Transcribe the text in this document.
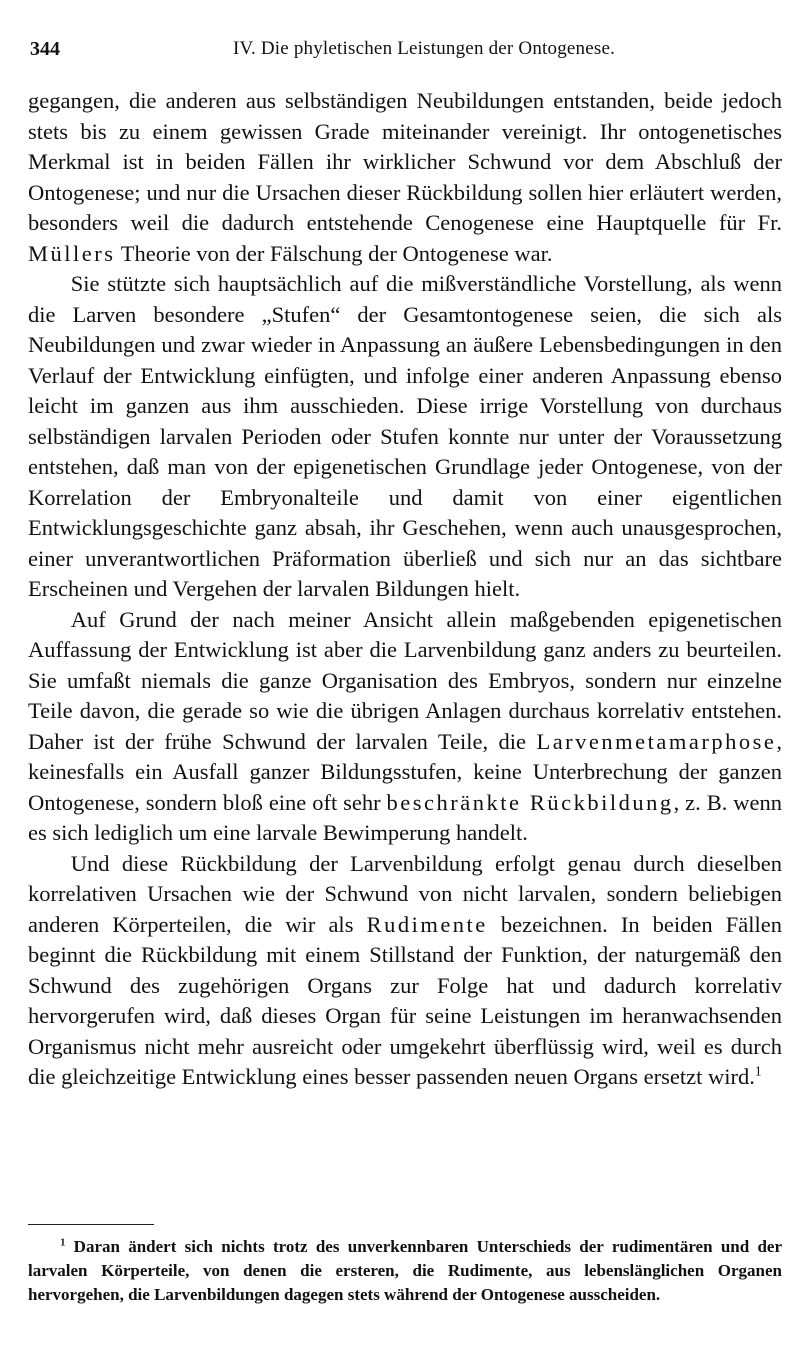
344	IV. Die phyletischen Leistungen der Ontogenese.

gegangen, die anderen aus selbständigen Neubildungen entstanden, beide jedoch stets bis zu einem gewissen Grade miteinander vereinigt. Ihr ontogenetisches Merkmal ist in beiden Fällen ihr wirklicher Schwund vor dem Abschluß der Ontogenese; und nur die Ursachen dieser Rückbildung sollen hier erläutert werden, besonders weil die dadurch entstehende Cenogenese eine Hauptquelle für Fr. Müllers Theorie von der Fälschung der Ontogenese war.

Sie stützte sich hauptsächlich auf die mißverständliche Vorstellung, als wenn die Larven besondere „Stufen“ der Gesamtontogenese seien, die sich als Neubildungen und zwar wieder in Anpassung an äußere Lebensbedingungen in den Verlauf der Entwicklung einfügten, und infolge einer anderen Anpassung ebenso leicht im ganzen aus ihm ausschieden. Diese irrige Vorstellung von durchaus selbständigen larvalen Perioden oder Stufen konnte nur unter der Voraussetzung entstehen, daß man von der epigenetischen Grundlage jeder Ontogenese, von der Korrelation der Embryonalteile und damit von einer eigentlichen Entwicklungsgeschichte ganz absah, ihr Geschehen, wenn auch unausgesprochen, einer unverantwortlichen Präformation überließ und sich nur an das sichtbare Erscheinen und Vergehen der larvalen Bildungen hielt.

Auf Grund der nach meiner Ansicht allein maßgebenden epigenetischen Auffassung der Entwicklung ist aber die Larvenbildung ganz anders zu beurteilen. Sie umfaßt niemals die ganze Organisation des Embryos, sondern nur einzelne Teile davon, die gerade so wie die übrigen Anlagen durchaus korrelativ entstehen. Daher ist der frühe Schwund der larvalen Teile, die Larvenmetamarphose, keinesfalls ein Ausfall ganzer Bildungsstufen, keine Unterbrechung der ganzen Ontogenese, sondern bloß eine oft sehr beschränkte Rückbildung, z. B. wenn es sich lediglich um eine larvale Bewimperung handelt.

Und diese Rückbildung der Larvenbildung erfolgt genau durch dieselben korrelativen Ursachen wie der Schwund von nicht larvalen, sondern beliebigen anderen Körperteilen, die wir als Rudimente bezeichnen. In beiden Fällen beginnt die Rückbildung mit einem Stillstand der Funktion, der naturgemäß den Schwund des zugehörigen Organs zur Folge hat und dadurch korrelativ hervorgerufen wird, daß dieses Organ für seine Leistungen im heranwachsenden Organismus nicht mehr ausreicht oder umgekehrt überflüssig wird, weil es durch die gleichzeitige Entwicklung eines besser passenden neuen Organs ersetzt wird.$^1$

$^1$ Daran ändert sich nichts trotz des unverkennbaren Unterschieds der rudimentären und der larvalen Körperteile, von denen die ersteren, die Rudimente, aus lebenslänglichen Organen hervorgehen, die Larvenbildungen dagegen stets während der Ontogenese ausscheiden.
